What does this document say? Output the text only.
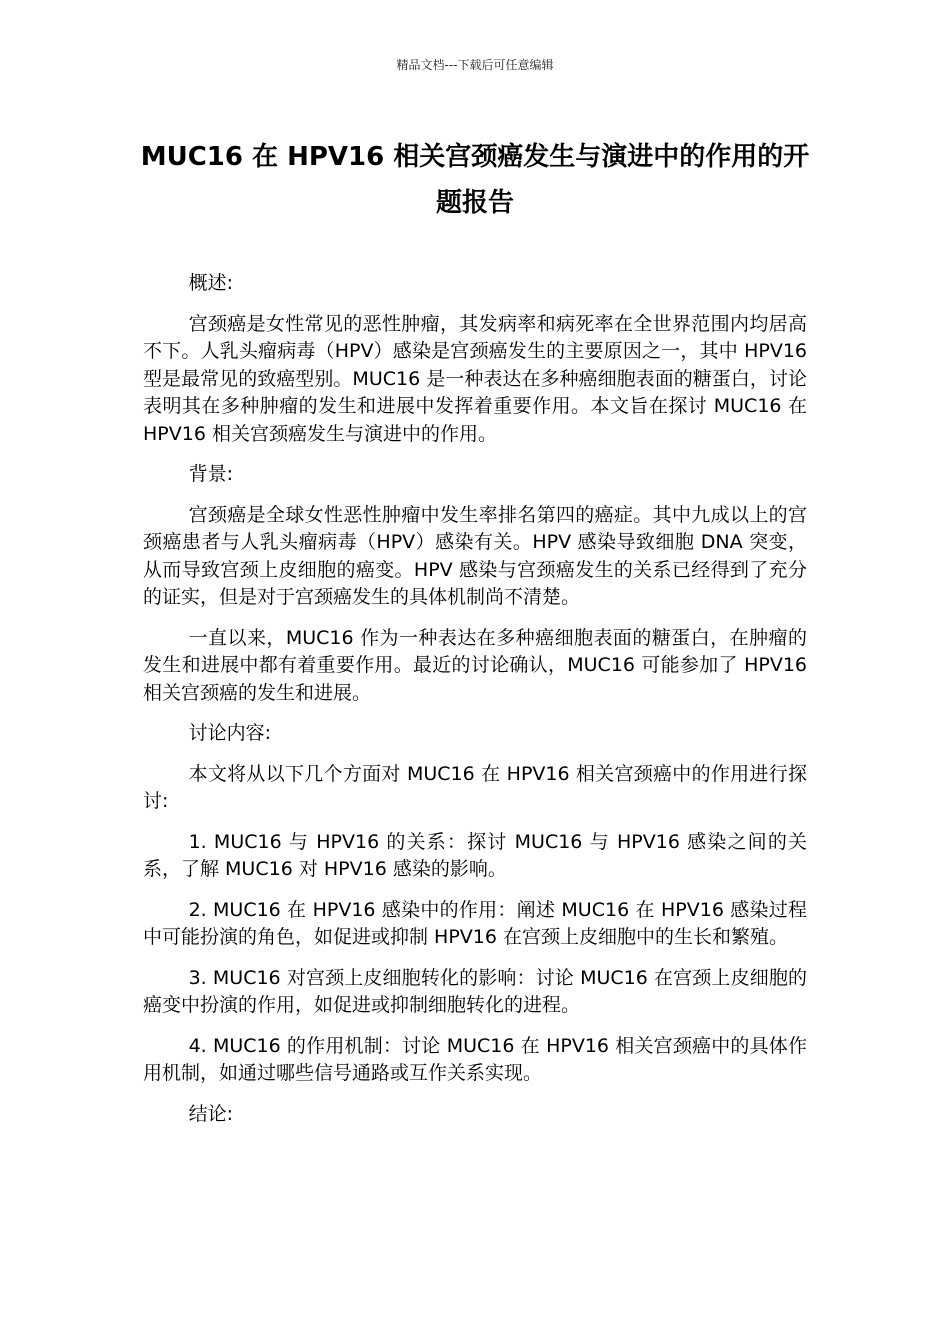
精品文档---下载后可任意编辑
MUC16 在 HPV16 相关宫颈癌发生与演进中的作用的开题报告

概述:

宫颈癌是女性常见的恶性肿瘤，其发病率和病死率在全世界范围内均居高不下。人乳头瘤病毒（HPV）感染是宫颈癌发生的主要原因之一，其中 HPV16 型是最常见的致癌型别。MUC16 是一种表达在多种癌细胞表面的糖蛋白，讨论表明其在多种肿瘤的发生和进展中发挥着重要作用。本文旨在探讨 MUC16 在 HPV16 相关宫颈癌发生与演进中的作用。

背景:

宫颈癌是全球女性恶性肿瘤中发生率排名第四的癌症。其中九成以上的宫颈癌患者与人乳头瘤病毒（HPV）感染有关。HPV 感染导致细胞 DNA 突变，从而导致宫颈上皮细胞的癌变。HPV 感染与宫颈癌发生的关系已经得到了充分的证实，但是对于宫颈癌发生的具体机制尚不清楚。

一直以来，MUC16 作为一种表达在多种癌细胞表面的糖蛋白，在肿瘤的发生和进展中都有着重要作用。最近的讨论确认，MUC16 可能参加了 HPV16 相关宫颈癌的发生和进展。

讨论内容:

本文将从以下几个方面对 MUC16 在 HPV16 相关宫颈癌中的作用进行探讨:

1. MUC16 与 HPV16 的关系：探讨 MUC16 与 HPV16 感染之间的关系，了解 MUC16 对 HPV16 感染的影响。

2. MUC16 在 HPV16 感染中的作用：阐述 MUC16 在 HPV16 感染过程中可能扮演的角色，如促进或抑制 HPV16 在宫颈上皮细胞中的生长和繁殖。

3. MUC16 对宫颈上皮细胞转化的影响：讨论 MUC16 在宫颈上皮细胞的癌变中扮演的作用，如促进或抑制细胞转化的进程。

4. MUC16 的作用机制：讨论 MUC16 在 HPV16 相关宫颈癌中的具体作用机制，如通过哪些信号通路或互作关系实现。

结论:
